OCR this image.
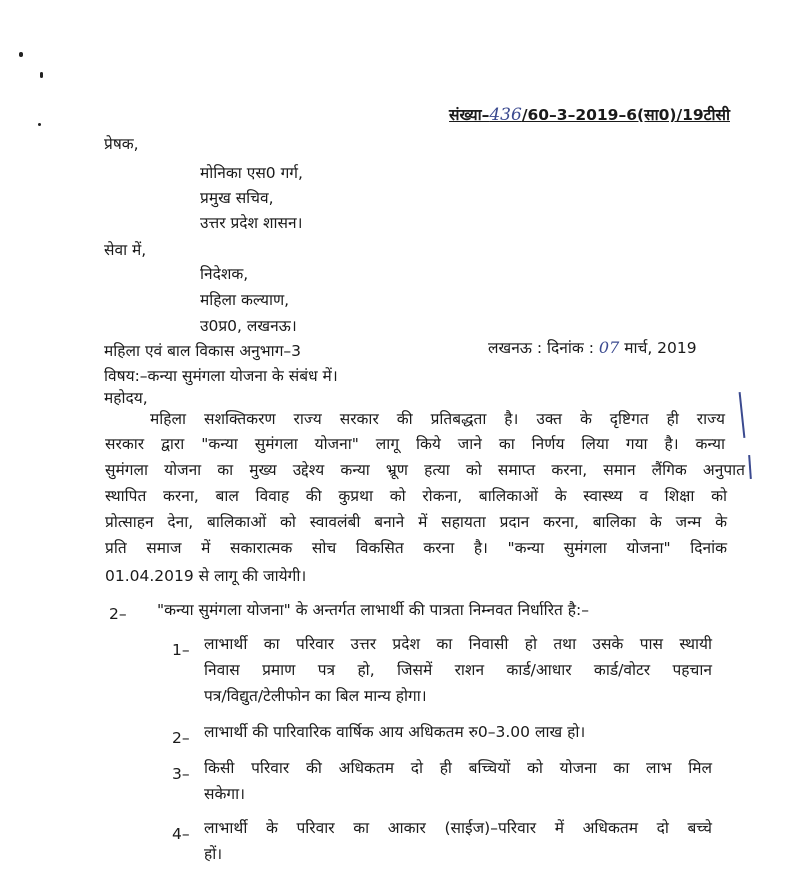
संख्या–436/60–3–2019–6(सा0)/19टीसी
प्रेषक,
मोनिका एस0 गर्ग,
प्रमुख सचिव,
उत्तर प्रदेश शासन।
सेवा में,
निदेशक,
महिला कल्याण,
उ0प्र0, लखनऊ।
महिला एवं बाल विकास अनुभाग–3	लखनऊ : दिनांक : 07 मार्च, 2019
विषय:–कन्या सुमंगला योजना के संबंध में।
महोदय,
महिला सशक्तिकरण राज्य सरकार की प्रतिबद्धता है। उक्त के दृष्टिगत ही राज्य
सरकार द्वारा "कन्या सुमंगला योजना" लागू किये जाने का निर्णय लिया गया है। कन्या
सुमंगला योजना का मुख्य उद्देश्य कन्या भ्रूण हत्या को समाप्त करना, समान लैंगिक अनुपात
स्थापित करना, बाल विवाह की कुप्रथा को रोकना, बालिकाओं के स्वास्थ्य व शिक्षा को
प्रोत्साहन देना, बालिकाओं को स्वावलंबी बनाने में सहायता प्रदान करना, बालिका के जन्म के
प्रति समाज में सकारात्मक सोच विकसित करना है। "कन्या सुमंगला योजना" दिनांक
01.04.2019 से लागू की जायेगी।
2– "कन्या सुमंगला योजना" के अन्तर्गत लाभार्थी की पात्रता निम्नवत निर्धारित है:–
1– लाभार्थी का परिवार उत्तर प्रदेश का निवासी हो तथा उसके पास स्थायी
निवास प्रमाण पत्र हो, जिसमें राशन कार्ड/आधार कार्ड/वोटर पहचान
पत्र/विद्युत/टेलीफोन का बिल मान्य होगा।
2– लाभार्थी की पारिवारिक वार्षिक आय अधिकतम रु0–3.00 लाख हो।
3– किसी परिवार की अधिकतम दो ही बच्चियों को योजना का लाभ मिल
सकेगा।
4– लाभार्थी के परिवार का आकार (साईज)–परिवार में अधिकतम दो बच्चे
हों।
